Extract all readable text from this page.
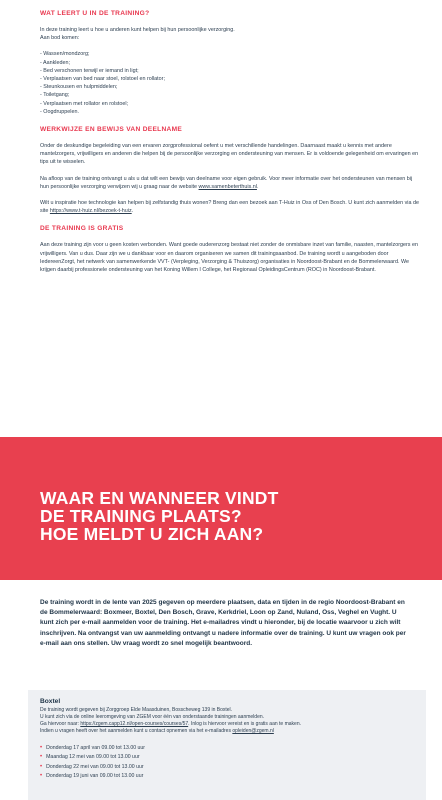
WAT LEERT U IN DE TRAINING?
In deze training leert u hoe u anderen kunt helpen bij hun persoonlijke verzorging.
Aan bod komen:
- Wassen/mondzorg;
- Aankleden;
- Bed verschonen terwijl er iemand in ligt;
- Verplaatsen van bed naar stoel, rolstoel en rollator;
- Steunkousen en hulpmiddelen;
- Toiletgang;
- Verplaatsen met rollator en rolstoel;
- Oogdruppelen.
WERKWIJZE EN BEWIJS VAN DEELNAME
Onder de deskundige begeleiding van een ervaren zorgprofessional oefent u met verschillende handelingen. Daarnaast maakt u kennis met andere mantelzorgers, vrijwilligers en anderen die helpen bij de persoonlijke verzorging en ondersteuning van mensen. Er is voldoende gelegenheid om ervaringen en tips uit te wisselen.
Na afloop van de training ontvangt u als u dat wilt een bewijs van deelname voor eigen gebruik. Voor meer informatie over het ondersteunen van mensen bij hun persoonlijke verzorging verwijzen wij u graag naar de website www.samenbeterthuis.nl.
Wilt u inspiratie hoe technologie kan helpen bij zelfstandig thuis wonen? Breng dan een bezoek aan T-Huiz in Oss of Den Bosch. U kunt zich aanmelden via de site https://www.t-huiz.nl/bezoek-t-huiz.
DE TRAINING IS GRATIS
Aan deze training zijn voor u geen kosten verbonden. Want goede ouderenzorg bestaat niet zonder de onmisbare inzet van familie, naasten, mantelzorgers en vrijwilligers. Van u dus. Daar zijn we u dankbaar voor en daarom organiseren we samen dit trainingsaanbod. De training wordt u aangeboden door IedereenZorgt, het netwerk van samenwerkende VVT- (Verpleging, Verzorging & Thuiszorg) organisaties in Noordoost-Brabant en de Bommelerwaard. We krijgen daarbij professionele ondersteuning van het Koning Willem I College, het Regionaal OpleidingsCentrum (ROC) in Noordoost-Brabant.
WAAR EN WANNEER VINDT
DE TRAINING PLAATS?
HOE MELDT U ZICH AAN?
De training wordt in de lente van 2025 gegeven op meerdere plaatsen, data en tijden in de regio Noordoost-Brabant en de Bommelerwaard: Boxmeer, Boxtel, Den Bosch, Grave, Kerkdriel, Loon op Zand, Nuland, Oss, Veghel en Vught. U kunt zich per e-mail aanmelden voor de training. Het e-mailadres vindt u hieronder, bij de locatie waarvoor u zich wilt inschrijven. Na ontvangst van uw aanmelding ontvangt u nadere informatie over de training. U kunt uw vragen ook per e-mail aan ons stellen. Uw vraag wordt zo snel mogelijk beantwoord.
Boxtel
De training wordt gegeven bij Zorggroep Elde Maasduinen, Bosscheweg 139 in Boxtel.
U kunt zich via de online leeromgeving van ZGEM voor één van onderstaande trainingen aanmelden.
Ga hiervoor naar: https://zgem.capp12.nl/open-courses/courses/57. Inlog is hiervoor vereist en is gratis aan te maken.
Indien u vragen heeft over het aanmelden kunt u contact opnemen via het e-mailadres opleiden@zgem.nl
• Donderdag 17 april van 09.00 tot 13.00 uur
• Maandag 12 mei van 09.00 tot 13.00 uur
• Donderdag 22 mei van 09.00 tot 13.00 uur
• Donderdag 19 juni van 09.00 tot 13.00 uur
